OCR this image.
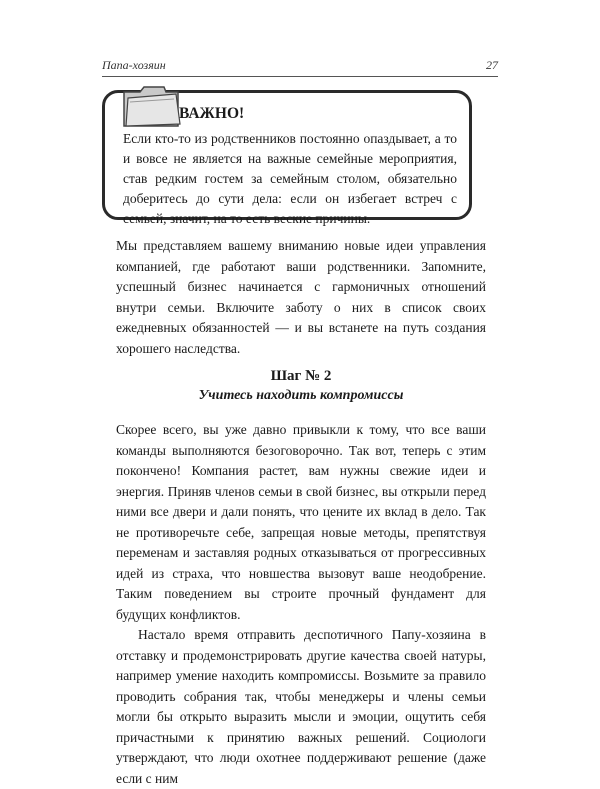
Папа-хозяин	27
ВАЖНО!
Если кто-то из родственников постоянно опаздывает, а то и вовсе не является на важные семейные мероприятия, став редким гостем за семейным столом, обязательно доберитесь до сути дела: если он избегает встреч с семьей, значит, на то есть веские причины.

Мы представляем вашему вниманию новые идеи управления компанией, где работают ваши родственники. Запомните, успешный бизнес начинается с гармоничных отношений внутри семьи. Включите заботу о них в список своих ежедневных обязанностей — и вы встанете на путь создания хорошего наследства.

Шаг № 2
Учитесь находить компромиссы

Скорее всего, вы уже давно привыкли к тому, что все ваши команды выполняются безоговорочно. Так вот, теперь с этим покончено! Компания растет, вам нужны свежие идеи и энергия. Приняв членов семьи в свой бизнес, вы открыли перед ними все двери и дали понять, что цените их вклад в дело. Так не противоречьте себе, запрещая новые методы, препятствуя переменам и заставляя родных отказываться от прогрессивных идей из страха, что новшества вызовут ваше неодобрение. Таким поведением вы строите прочный фундамент для будущих конфликтов.

Настало время отправить деспотичного Папу-хозяина в отставку и продемонстрировать другие качества своей натуры, например умение находить компромиссы. Возьмите за правило проводить собрания так, чтобы менеджеры и члены семьи могли бы открыто выразить мысли и эмоции, ощутить себя причастными к принятию важных решений. Социологи утверждают, что люди охотнее поддерживают решение (даже если с ним
